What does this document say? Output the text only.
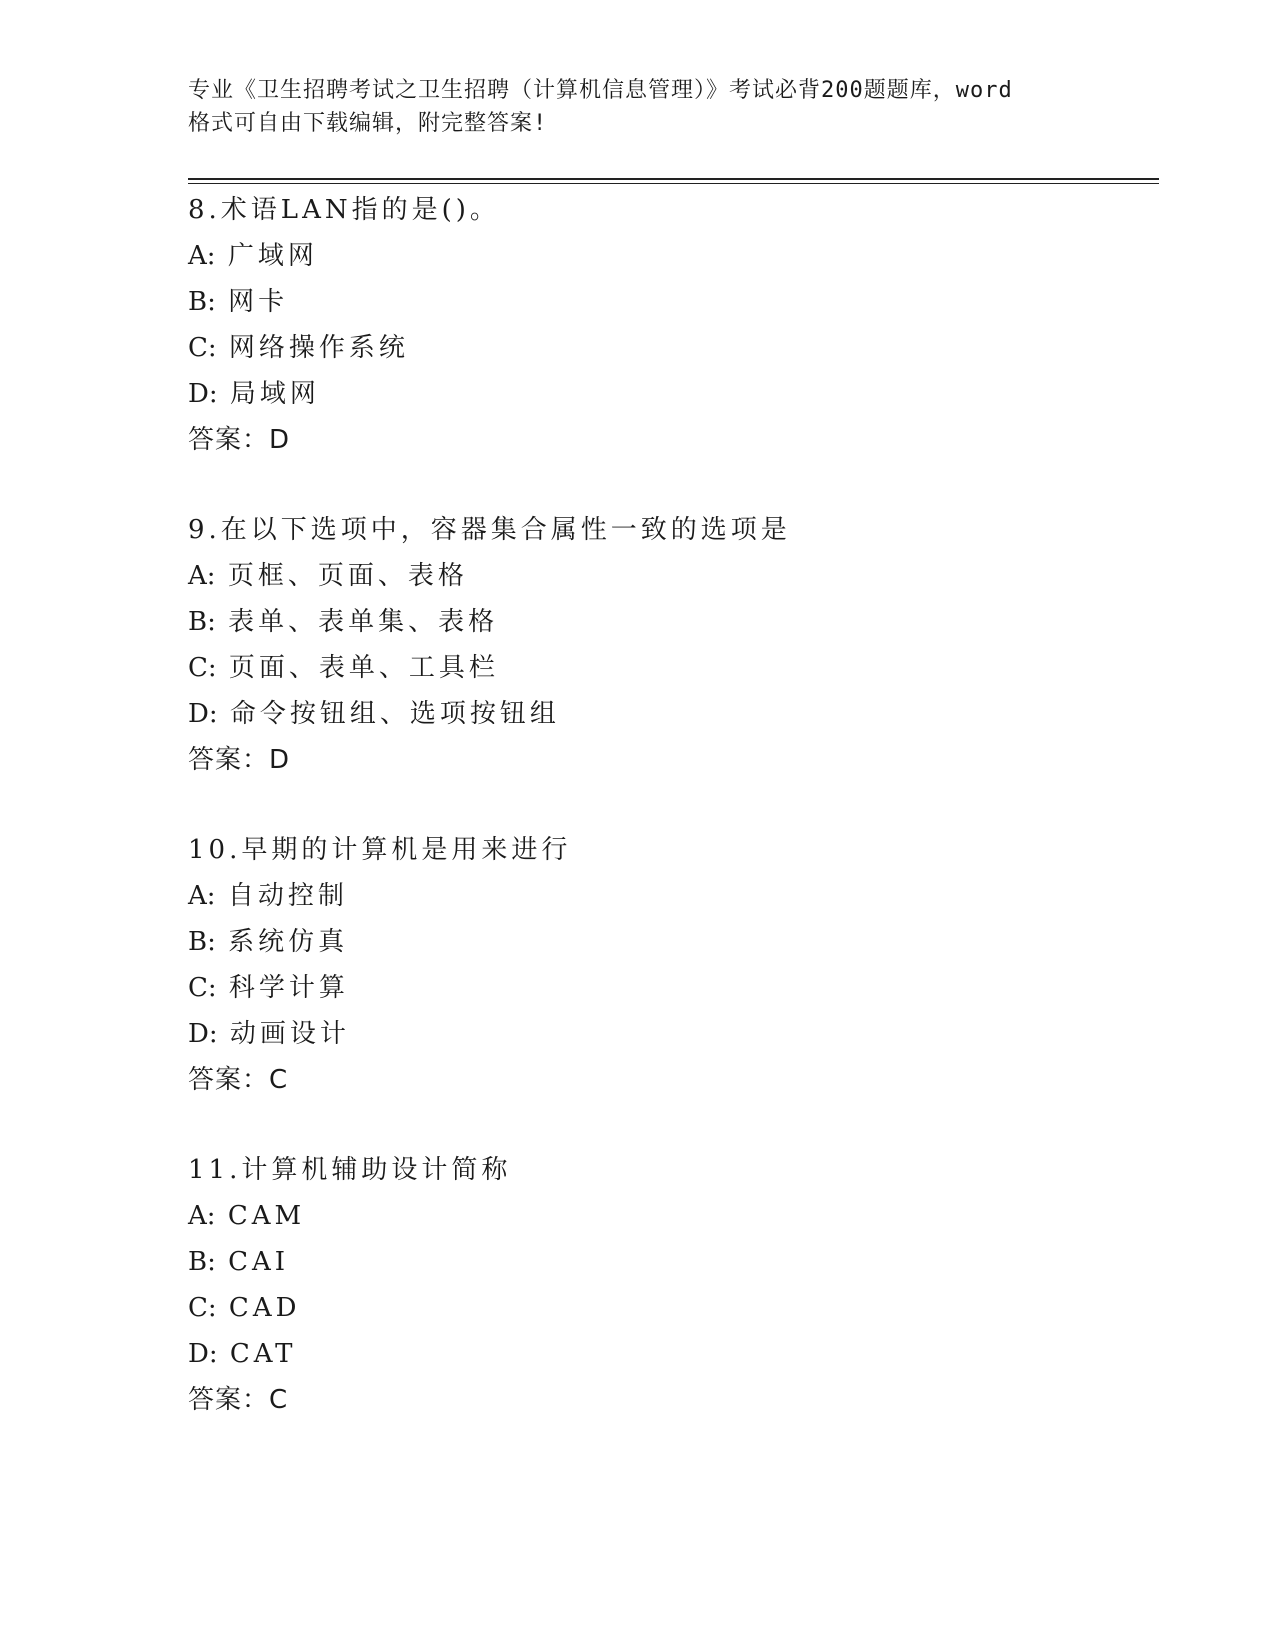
专业《卫生招聘考试之卫生招聘（计算机信息管理）》考试必背200题题库，word
格式可自由下载编辑，附完整答案!
8.术语LAN指的是()。
A: 广域网
B: 网卡
C: 网络操作系统
D: 局域网
答案：D
9.在以下选项中，容器集合属性一致的选项是
A: 页框、页面、表格
B: 表单、表单集、表格
C: 页面、表单、工具栏
D: 命令按钮组、选项按钮组
答案：D
10.早期的计算机是用来进行
A: 自动控制
B: 系统仿真
C: 科学计算
D: 动画设计
答案：C
11.计算机辅助设计简称
A: CAM
B: CAI
C: CAD
D: CAT
答案：C
